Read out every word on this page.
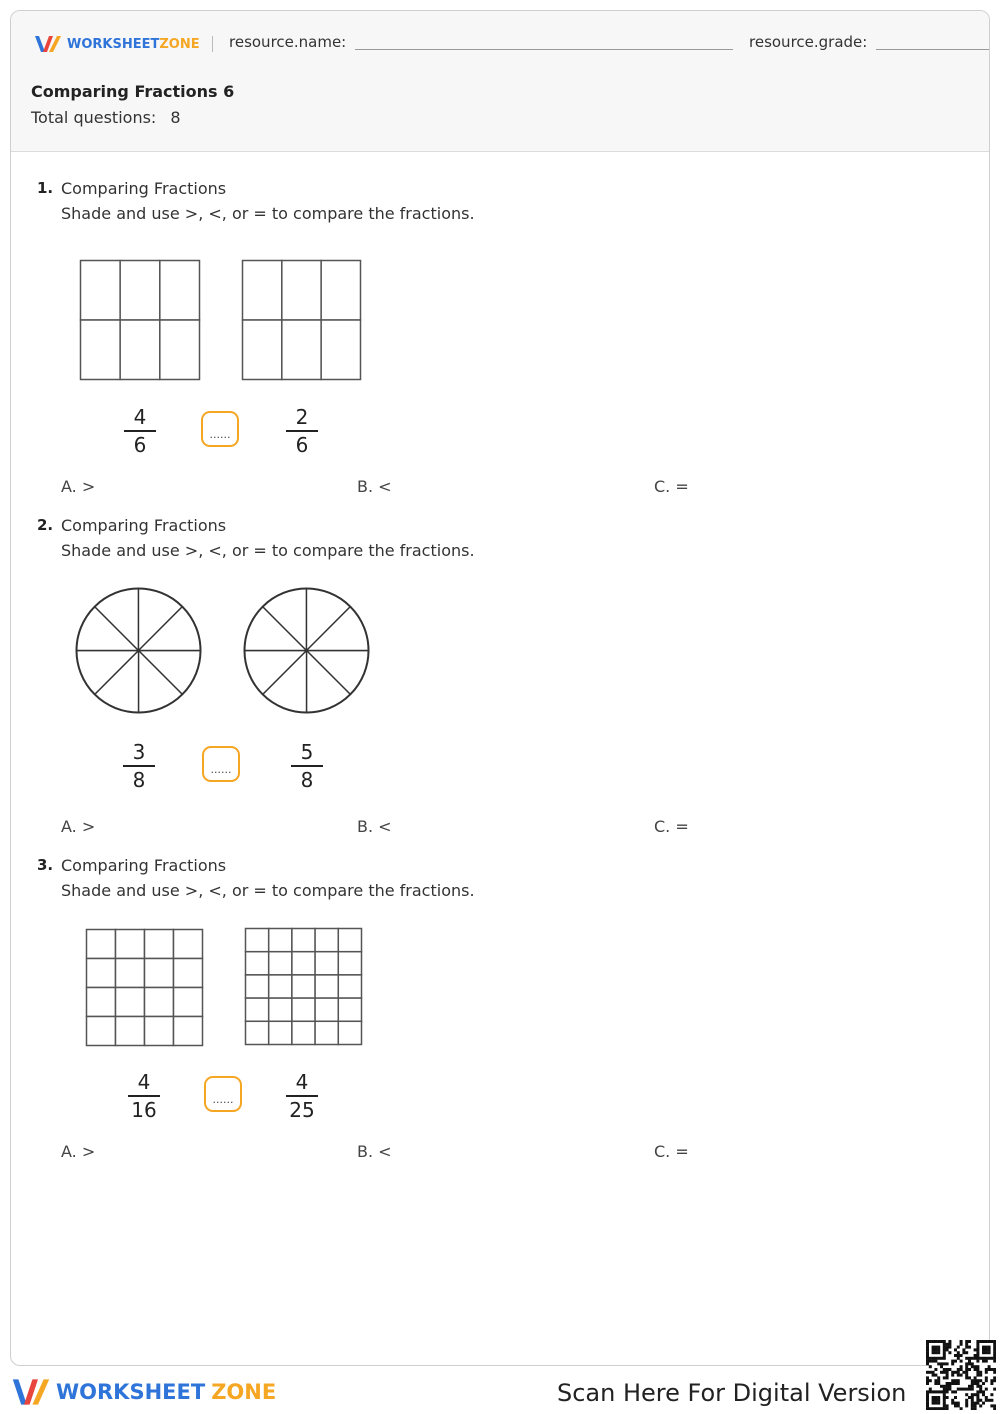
WORKSHEET ZONE resource.name:	resource.grade:
Comparing Fractions 6
Total questions: 8
1. Comparing Fractions
Shade and use >, <, or = to compare the fractions.
4
6	......
2
6
A. >	B. <	C. =
2. Comparing Fractions
Shade and use >, <, or = to compare the fractions.
3
8	......
5
8
A. >	B. <	C. =
3. Comparing Fractions
Shade and use >, <, or = to compare the fractions.
4
16	......
4
25
A. >	B. <	C. =
WORKSHEET ZONE	Scan Here For Digital Version
